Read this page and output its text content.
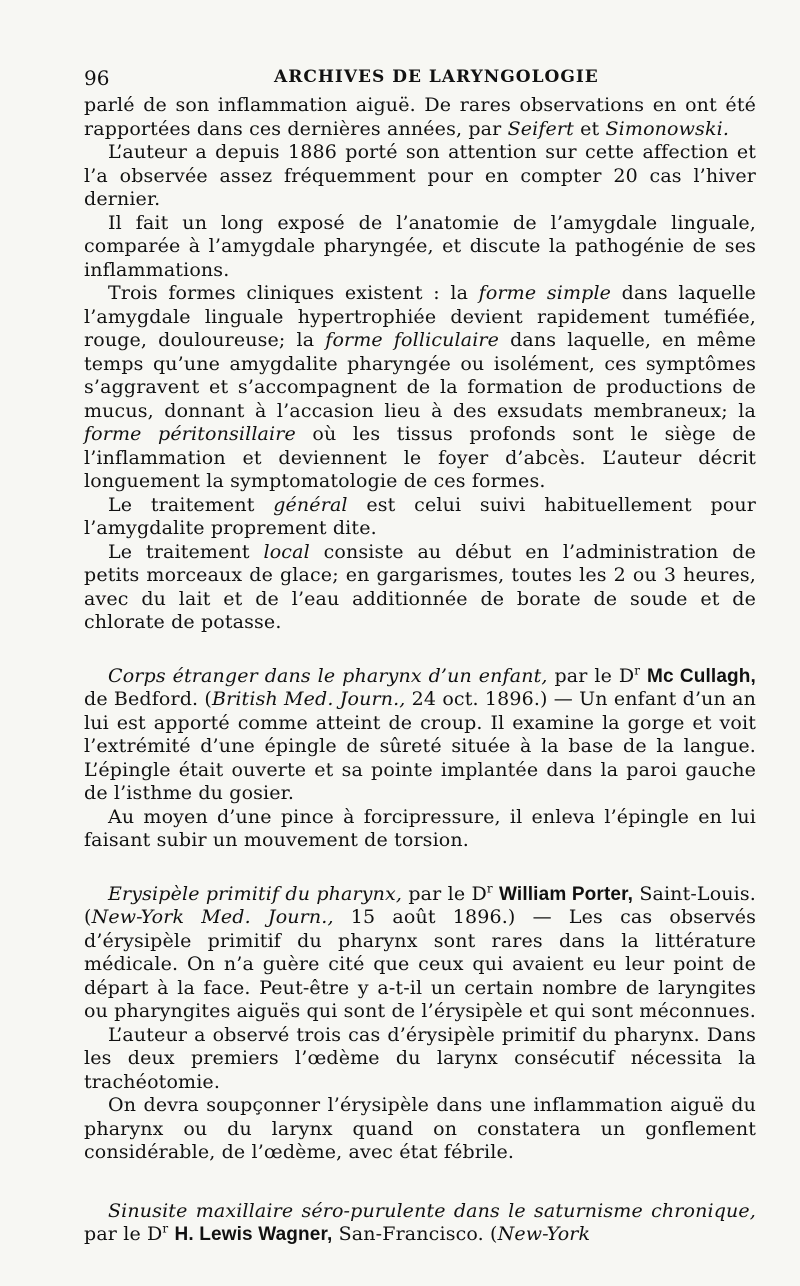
96	ARCHIVES DE LARYNGOLOGIE

parlé de son inflammation aiguë. De rares observations en ont été rapportées dans ces dernières années, par Seifert et Simonowski.

L’auteur a depuis 1886 porté son attention sur cette affection et l’a observée assez fréquemment pour en compter 20 cas l’hiver dernier.

Il fait un long exposé de l’anatomie de l’amygdale linguale, comparée à l’amygdale pharyngée, et discute la pathogénie de ses inflammations.

Trois formes cliniques existent : la forme simple dans laquelle l’amygdale linguale hypertrophiée devient rapidement tuméfiée, rouge, douloureuse; la forme folliculaire dans laquelle, en même temps qu’une amygdalite pharyngée ou isolément, ces symptômes s’aggravent et s’accompagnent de la formation de productions de mucus, donnant à l’accasion lieu à des exsudats membraneux; la forme péritonsillaire où les tissus profonds sont le siège de l’inflammation et deviennent le foyer d’abcès. L’auteur décrit longuement la symptomatologie de ces formes.

Le traitement général est celui suivi habituellement pour l’amygdalite proprement dite.

Le traitement local consiste au début en l’administration de petits morceaux de glace; en gargarismes, toutes les 2 ou 3 heures, avec du lait et de l’eau additionnée de borate de soude et de chlorate de potasse.

Corps étranger dans le pharynx d’un enfant, par le $D^r$ Mc Cullagh, de Bedford. (British Med. Journ., 24 oct. 1896.) — Un enfant d’un an lui est apporté comme atteint de croup. Il examine la gorge et voit l’extrémité d’une épingle de sûreté située à la base de la langue. L’épingle était ouverte et sa pointe implantée dans la paroi gauche de l’isthme du gosier.

Au moyen d’une pince à forcipressure, il enleva l’épingle en lui faisant subir un mouvement de torsion.

Erysipèle primitif du pharynx, par le $D^r$ William Porter, Saint-Louis. (New-York Med. Journ., 15 août 1896.) — Les cas observés d’érysipèle primitif du pharynx sont rares dans la littérature médicale. On n’a guère cité que ceux qui avaient eu leur point de départ à la face. Peut-être y a-t-il un certain nombre de laryngites ou pharyngites aiguës qui sont de l’érysipèle et qui sont méconnues.

L’auteur a observé trois cas d’érysipèle primitif du pharynx. Dans les deux premiers l’œdème du larynx consécutif nécessita la trachéotomie.

On devra soupçonner l’érysipèle dans une inflammation aiguë du pharynx ou du larynx quand on constatera un gonflement considérable, de l’œdème, avec état fébrile.

Sinusite maxillaire séro-purulente dans le saturnisme chronique, par le $D^r$ H. Lewis Wagner, San-Francisco. (New-York
